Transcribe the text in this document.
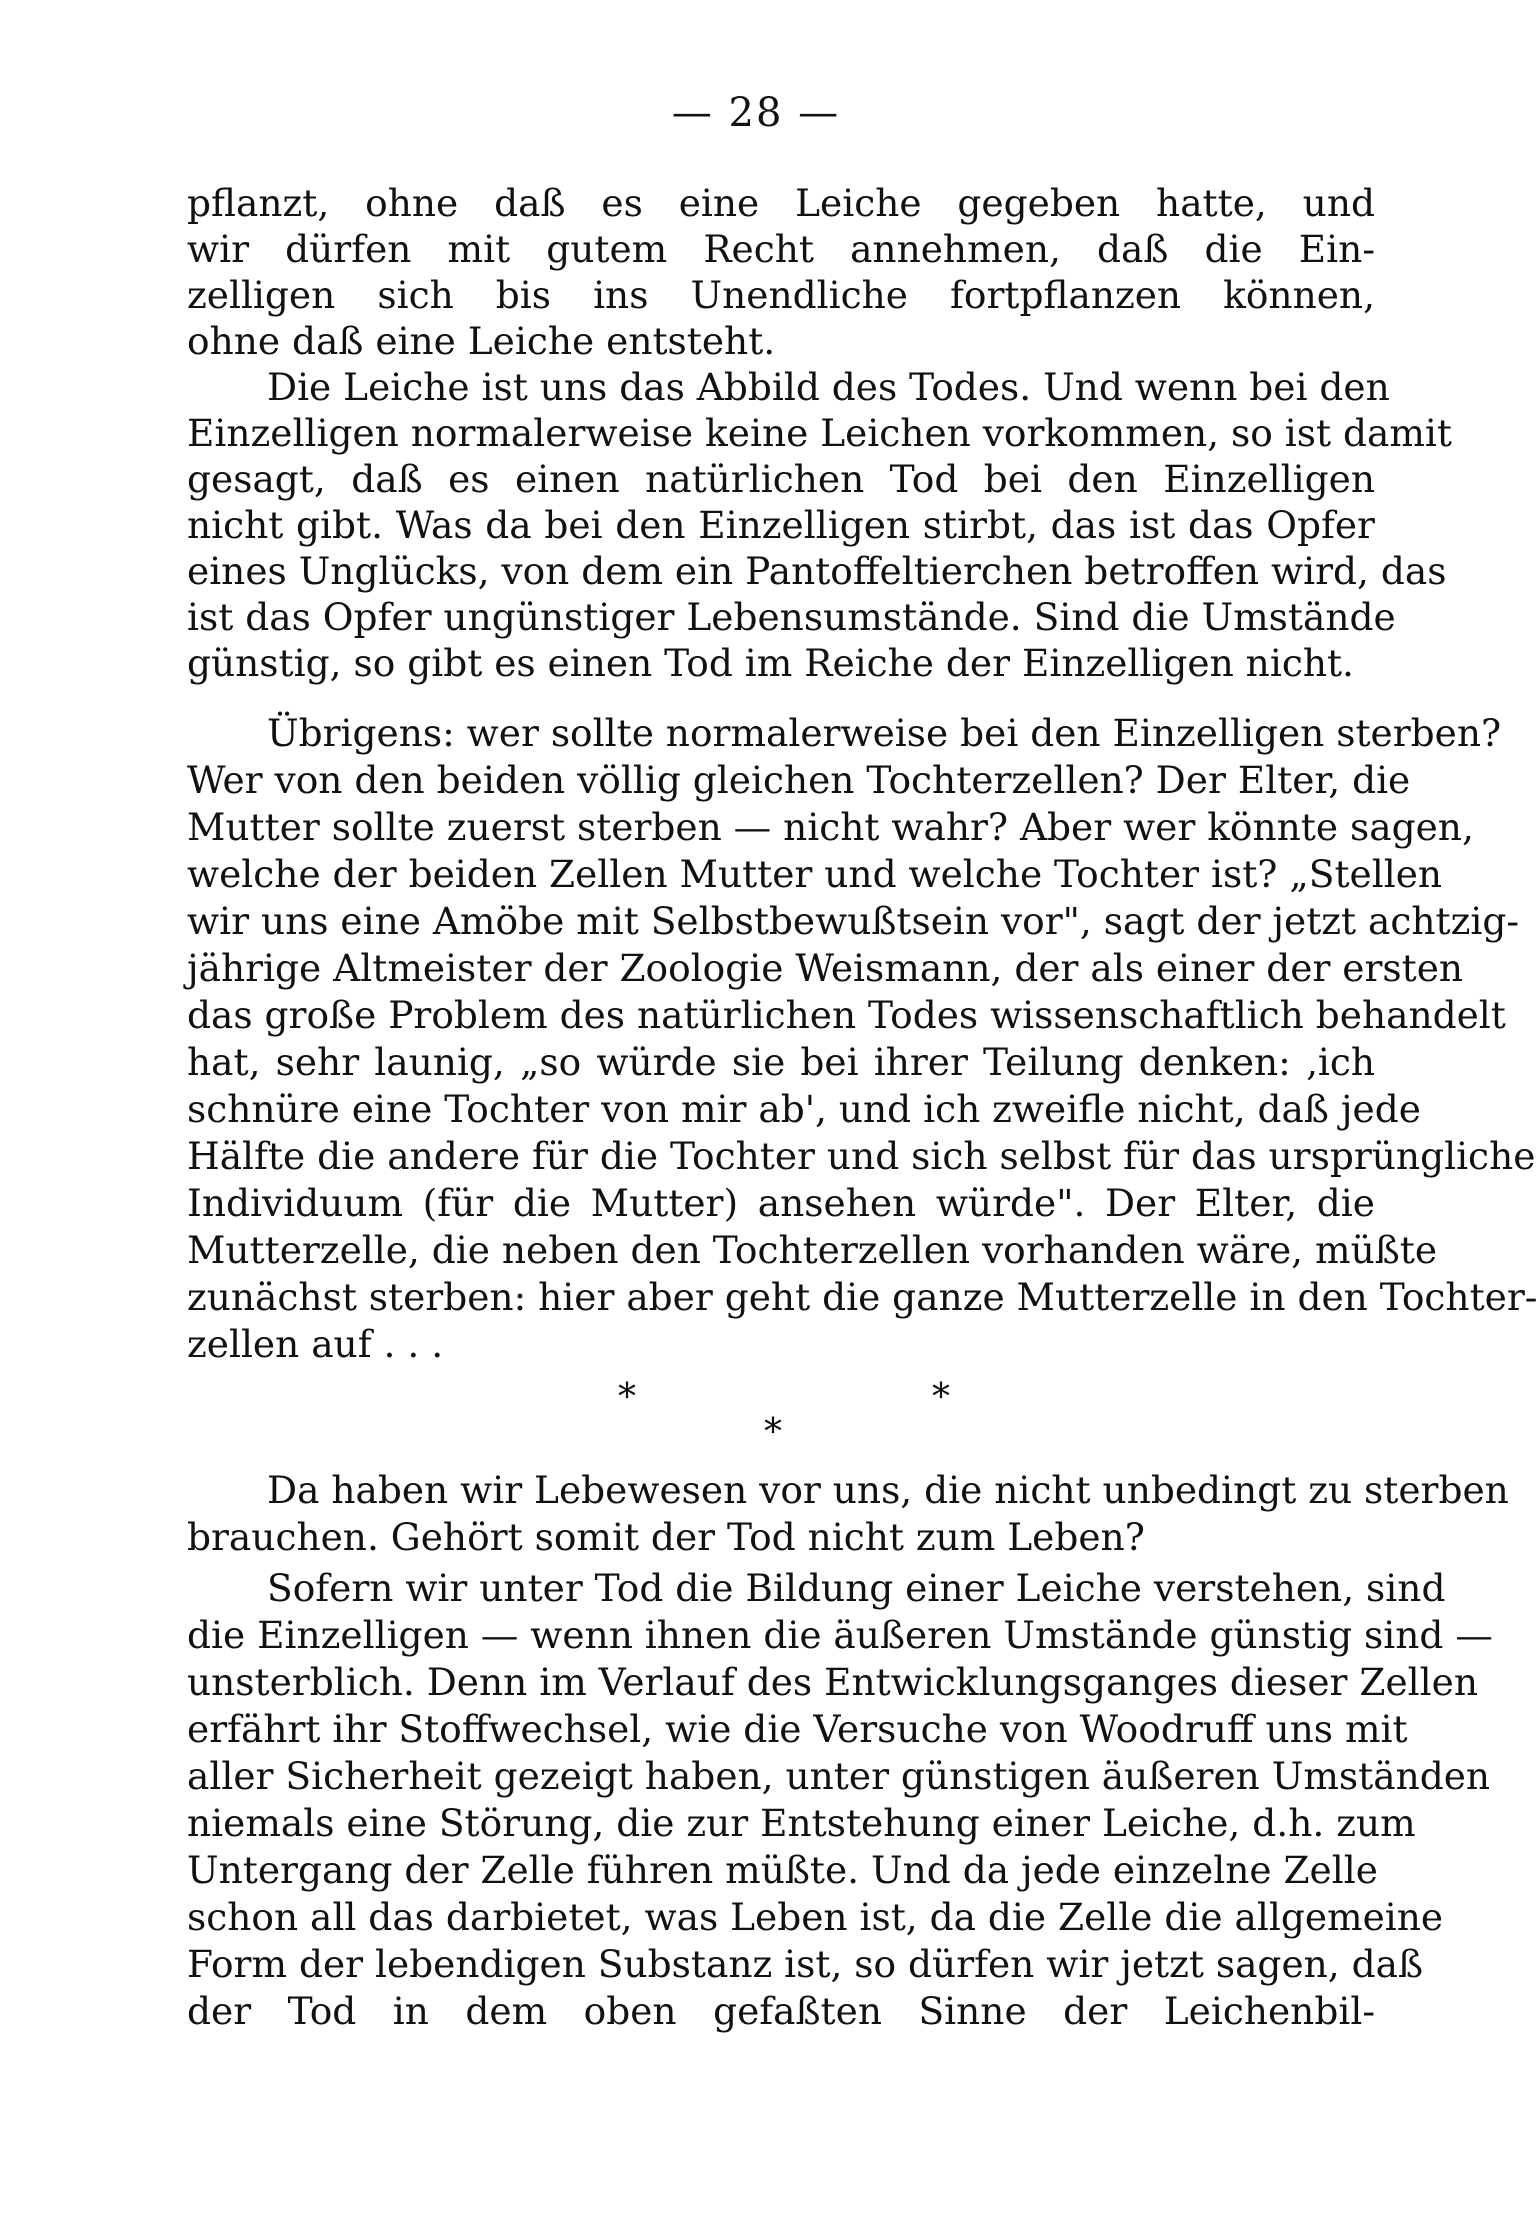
— 28 —
pflanzt, ohne daß es eine Leiche gegeben hatte, und
wir dürfen mit gutem Recht annehmen, daß die Ein-
zelligen sich bis ins Unendliche fortpflanzen können,
ohne daß eine Leiche entsteht.
Die Leiche ist uns das Abbild des Todes. Und wenn bei den
Einzelligen normalerweise keine Leichen vorkommen, so ist damit
gesagt, daß es einen natürlichen Tod bei den Einzelligen
nicht gibt. Was da bei den Einzelligen stirbt, das ist das Opfer
eines Unglücks, von dem ein Pantoffeltierchen betroffen wird, das
ist das Opfer ungünstiger Lebensumstände. Sind die Umstände
günstig, so gibt es einen Tod im Reiche der Einzelligen nicht.
Übrigens: wer sollte normalerweise bei den Einzelligen sterben?
Wer von den beiden völlig gleichen Tochterzellen? Der Elter, die
Mutter sollte zuerst sterben — nicht wahr? Aber wer könnte sagen,
welche der beiden Zellen Mutter und welche Tochter ist? „Stellen
wir uns eine Amöbe mit Selbstbewußtsein vor", sagt der jetzt achtzig-
jährige Altmeister der Zoologie Weismann, der als einer der ersten
das große Problem des natürlichen Todes wissenschaftlich behandelt
hat, sehr launig, „so würde sie bei ihrer Teilung denken: ‚ich
schnüre eine Tochter von mir ab', und ich zweifle nicht, daß jede
Hälfte die andere für die Tochter und sich selbst für das ursprüngliche
Individuum (für die Mutter) ansehen würde". Der Elter, die
Mutterzelle, die neben den Tochterzellen vorhanden wäre, müßte
zunächst sterben: hier aber geht die ganze Mutterzelle in den Tochter-
zellen auf . . .
*	*
*
Da haben wir Lebewesen vor uns, die nicht unbedingt zu sterben
brauchen. Gehört somit der Tod nicht zum Leben?
Sofern wir unter Tod die Bildung einer Leiche verstehen, sind
die Einzelligen — wenn ihnen die äußeren Umstände günstig sind —
unsterblich. Denn im Verlauf des Entwicklungsganges dieser Zellen
erfährt ihr Stoffwechsel, wie die Versuche von Woodruff uns mit
aller Sicherheit gezeigt haben, unter günstigen äußeren Umständen
niemals eine Störung, die zur Entstehung einer Leiche, d.h. zum
Untergang der Zelle führen müßte. Und da jede einzelne Zelle
schon all das darbietet, was Leben ist, da die Zelle die allgemeine
Form der lebendigen Substanz ist, so dürfen wir jetzt sagen, daß
der Tod in dem oben gefaßten Sinne der Leichenbil-
